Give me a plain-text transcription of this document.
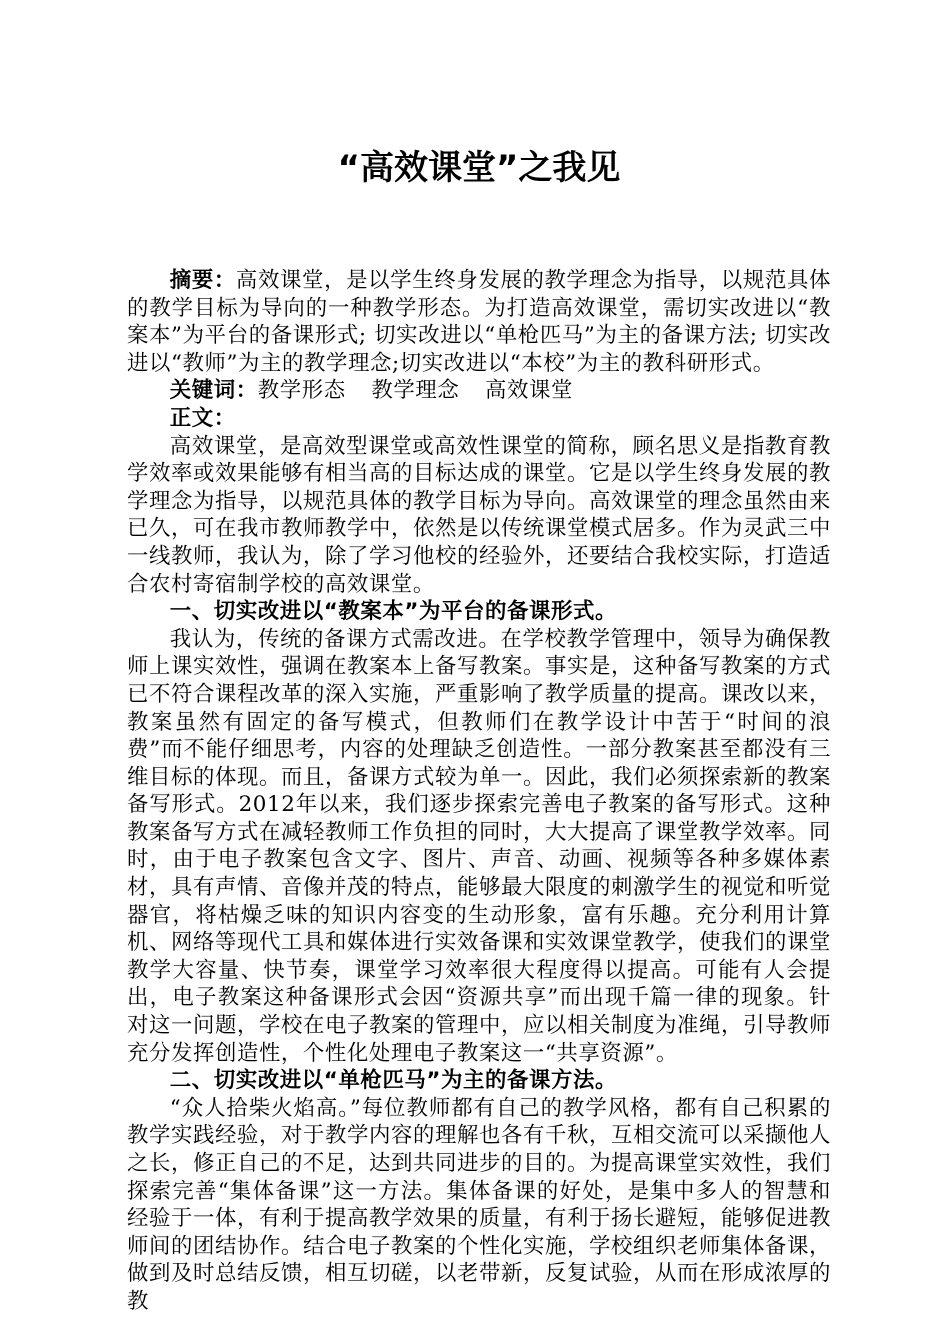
“高效课堂”之我见

摘要：高效课堂，是以学生终身发展的教学理念为指导，以规范具体的教学目标为导向的一种教学形态。为打造高效课堂，需切实改进以“教案本”为平台的备课形式; 切实改进以“单枪匹马”为主的备课方法; 切实改进以“教师”为主的教学理念;切实改进以“本校”为主的教科研形式。

关键词：教学形态 教学理念 高效课堂

正文：

高效课堂，是高效型课堂或高效性课堂的简称，顾名思义是指教育教学效率或效果能够有相当高的目标达成的课堂。它是以学生终身发展的教学理念为指导，以规范具体的教学目标为导向。高效课堂的理念虽然由来已久，可在我市教师教学中，依然是以传统课堂模式居多。作为灵武三中一线教师，我认为，除了学习他校的经验外，还要结合我校实际，打造适合农村寄宿制学校的高效课堂。

一、切实改进以“教案本”为平台的备课形式。

我认为，传统的备课方式需改进。在学校教学管理中，领导为确保教师上课实效性，强调在教案本上备写教案。事实是，这种备写教案的方式已不符合课程改革的深入实施，严重影响了教学质量的提高。课改以来，教案虽然有固定的备写模式，但教师们在教学设计中苦于“时间的浪费”而不能仔细思考，内容的处理缺乏创造性。一部分教案甚至都没有三维目标的体现。而且，备课方式较为单一。因此，我们必须探索新的教案备写形式。2012年以来，我们逐步探索完善电子教案的备写形式。这种教案备写方式在减轻教师工作负担的同时，大大提高了课堂教学效率。同时，由于电子教案包含文字、图片、声音、动画、视频等各种多媒体素材，具有声情、音像并茂的特点，能够最大限度的刺激学生的视觉和听觉器官，将枯燥乏味的知识内容变的生动形象，富有乐趣。充分利用计算机、网络等现代工具和媒体进行实效备课和实效课堂教学，使我们的课堂教学大容量、快节奏，课堂学习效率很大程度得以提高。可能有人会提出，电子教案这种备课形式会因“资源共享”而出现千篇一律的现象。针对这一问题，学校在电子教案的管理中，应以相关制度为准绳，引导教师充分发挥创造性，个性化处理电子教案这一“共享资源”。

二、切实改进以“单枪匹马”为主的备课方法。

“众人拾柴火焰高。”每位教师都有自己的教学风格，都有自己积累的教学实践经验，对于教学内容的理解也各有千秋，互相交流可以采撷他人之长，修正自己的不足，达到共同进步的目的。为提高课堂实效性，我们探索完善“集体备课”这一方法。集体备课的好处，是集中多人的智慧和经验于一体，有利于提高教学效果的质量，有利于扬长避短，能够促进教师间的团结协作。结合电子教案的个性化实施，学校组织老师集体备课，做到及时总结反馈，相互切磋，以老带新，反复试验，从而在形成浓厚的教
